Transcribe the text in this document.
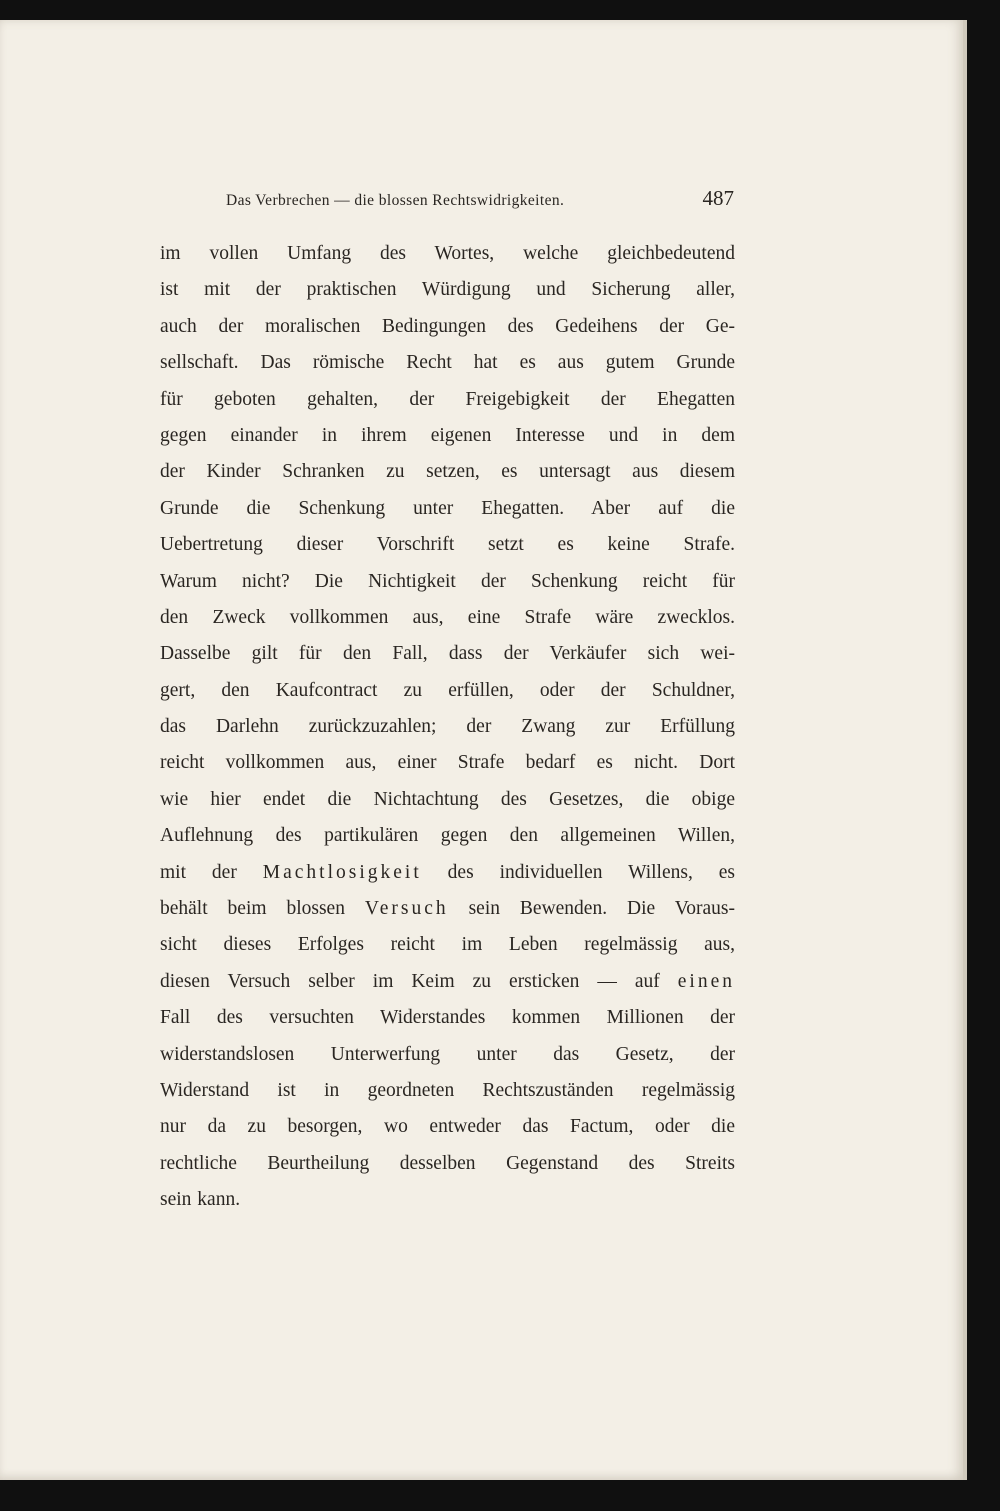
Das Verbrechen — die blossen Rechtswidrigkeiten.	487
im vollen Umfang des Wortes, welche gleichbedeutend
ist mit der praktischen Würdigung und Sicherung aller,
auch der moralischen Bedingungen des Gedeihens der Ge-
sellschaft. Das römische Recht hat es aus gutem Grunde
für geboten gehalten, der Freigebigkeit der Ehegatten
gegen einander in ihrem eigenen Interesse und in dem
der Kinder Schranken zu setzen, es untersagt aus diesem
Grunde die Schenkung unter Ehegatten. Aber auf die
Uebertretung dieser Vorschrift setzt es keine Strafe.
Warum nicht? Die Nichtigkeit der Schenkung reicht für
den Zweck vollkommen aus, eine Strafe wäre zwecklos.
Dasselbe gilt für den Fall, dass der Verkäufer sich wei-
gert, den Kaufcontract zu erfüllen, oder der Schuldner,
das Darlehn zurückzuzahlen; der Zwang zur Erfüllung
reicht vollkommen aus, einer Strafe bedarf es nicht. Dort
wie hier endet die Nichtachtung des Gesetzes, die obige
Auflehnung des partikulären gegen den allgemeinen Willen,
mit der Machtlosigkeit des individuellen Willens, es
behält beim blossen Versuch sein Bewenden. Die Voraus-
sicht dieses Erfolges reicht im Leben regelmässig aus,
diesen Versuch selber im Keim zu ersticken — auf einen
Fall des versuchten Widerstandes kommen Millionen der
widerstandslosen Unterwerfung unter das Gesetz, der
Widerstand ist in geordneten Rechtszuständen regelmässig
nur da zu besorgen, wo entweder das Factum, oder die
rechtliche Beurtheilung desselben Gegenstand des Streits
sein kann.
